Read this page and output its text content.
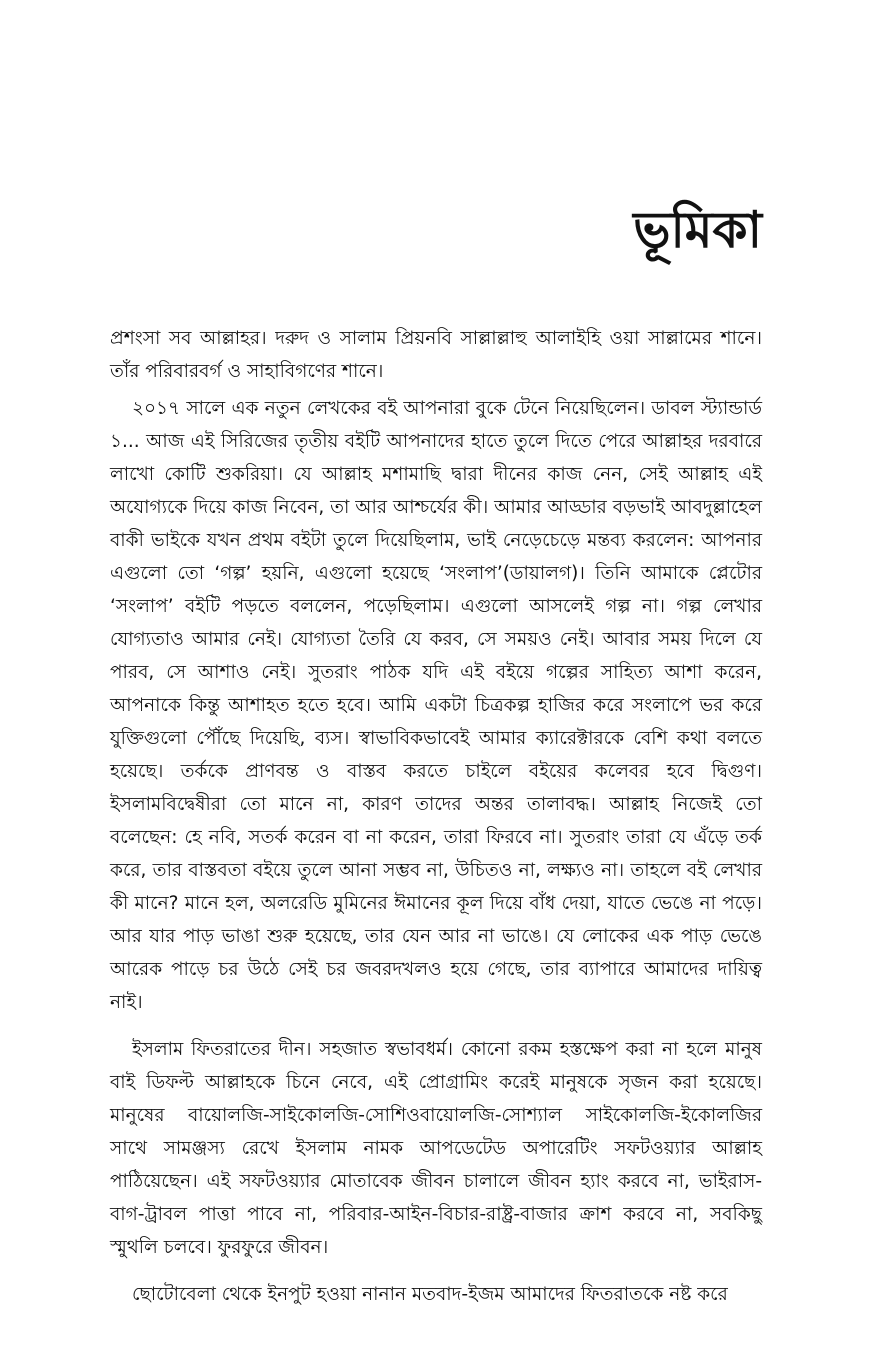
ভূমিকা

প্রশংসা সব আল্লাহর। দরুদ ও সালাম প্রিয়নবি সাল্লাল্লাহু আলাইহি ওয়া সাল্লামের শানে। তাঁর পরিবারবর্গ ও সাহাবিগণের শানে।

২০১৭ সালে এক নতুন লেখকের বই আপনারা বুকে টেনে নিয়েছিলেন। ডাবল স্ট্যান্ডার্ড ১... আজ এই সিরিজের তৃতীয় বইটি আপনাদের হাতে তুলে দিতে পেরে আল্লাহর দরবারে লাখো কোটি শুকরিয়া। যে আল্লাহ মশামাছি দ্বারা দীনের কাজ নেন, সেই আল্লাহ এই অযোগ্যকে দিয়ে কাজ নিবেন, তা আর আশ্চর্যের কী। আমার আড্ডার বড়ভাই আবদুল্লাহেল বাকী ভাইকে যখন প্রথম বইটা তুলে দিয়েছিলাম, ভাই নেড়েচেড়ে মন্তব্য করলেন: আপনার এগুলো তো ‘গল্প’ হয়নি, এগুলো হয়েছে ‘সংলাপ’(ডায়ালগ)। তিনি আমাকে প্লেটোর ‘সংলাপ’ বইটি পড়তে বললেন, পড়েছিলাম। এগুলো আসলেই গল্প না। গল্প লেখার যোগ্যতাও আমার নেই। যোগ্যতা তৈরি যে করব, সে সময়ও নেই। আবার সময় দিলে যে পারব, সে আশাও নেই। সুতরাং পাঠক যদি এই বইয়ে গল্পের সাহিত্য আশা করেন, আপনাকে কিন্তু আশাহত হতে হবে। আমি একটা চিত্রকল্প হাজির করে সংলাপে ভর করে যুক্তিগুলো পৌঁছে দিয়েছি, ব্যস। স্বাভাবিকভাবেই আমার ক্যারেক্টারকে বেশি কথা বলতে হয়েছে। তর্ককে প্রাণবন্ত ও বাস্তব করতে চাইলে বইয়ের কলেবর হবে দ্বিগুণ। ইসলামবিদ্বেষীরা তো মানে না, কারণ তাদের অন্তর তালাবদ্ধ। আল্লাহ নিজেই তো বলেছেন: হে নবি, সতর্ক করেন বা না করেন, তারা ফিরবে না। সুতরাং তারা যে এঁড়ে তর্ক করে, তার বাস্তবতা বইয়ে তুলে আনা সম্ভব না, উচিতও না, লক্ষ্যও না। তাহলে বই লেখার কী মানে? মানে হল, অলরেডি মুমিনের ঈমানের কূল দিয়ে বাঁধ দেয়া, যাতে ভেঙে না পড়ে। আর যার পাড় ভাঙা শুরু হয়েছে, তার যেন আর না ভাঙে। যে লোকের এক পাড় ভেঙে আরেক পাড়ে চর উঠে সেই চর জবরদখলও হয়ে গেছে, তার ব্যাপারে আমাদের দায়িত্ব নাই।

ইসলাম ফিতরাতের দীন। সহজাত স্বভাবধর্ম। কোনো রকম হস্তক্ষেপ করা না হলে মানুষ বাই ডিফল্ট আল্লাহকে চিনে নেবে, এই প্রোগ্রামিং করেই মানুষকে সৃজন করা হয়েছে। মানুষের বায়োলজি-সাইকোলজি-সোশিওবায়োলজি-সোশ্যাল সাইকোলজি-ইকোলজির সাথে সামঞ্জস্য রেখে ইসলাম নামক আপডেটেড অপারেটিং সফটওয়্যার আল্লাহ পাঠিয়েছেন। এই সফটওয়্যার মোতাবেক জীবন চালালে জীবন হ্যাং করবে না, ভাইরাস-বাগ-ট্রাবল পাত্তা পাবে না, পরিবার-আইন-বিচার-রাষ্ট্র-বাজার ক্রাশ করবে না, সবকিছু স্মুথলি চলবে। ফুরফুরে জীবন।

ছোটোবেলা থেকে ইনপুট হওয়া নানান মতবাদ-ইজম আমাদের ফিতরাতকে নষ্ট করে
